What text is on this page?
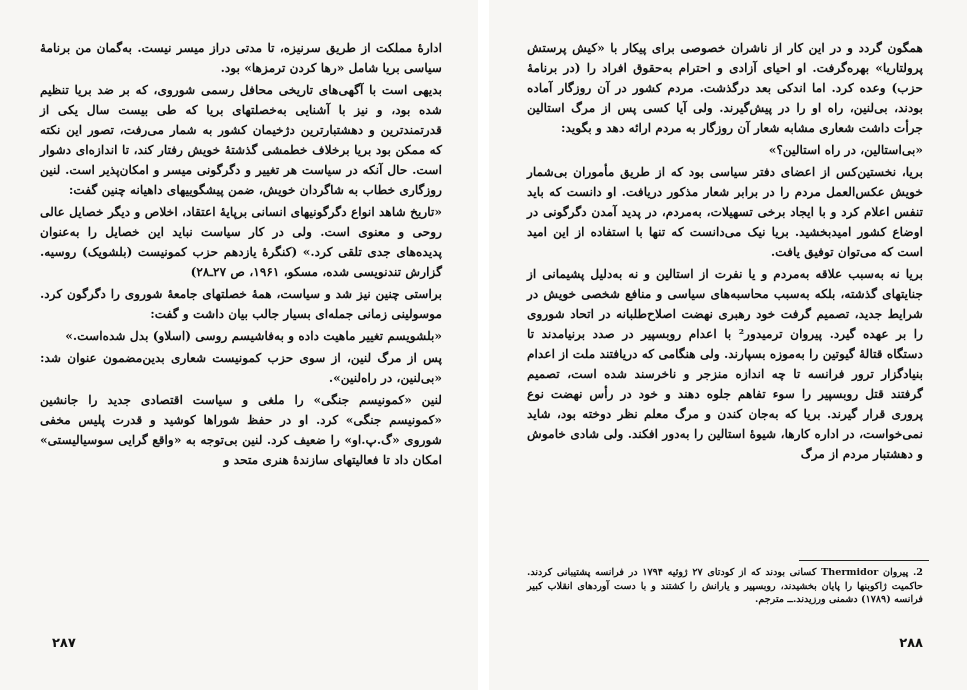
ادارهٔ مملکت از طریق سرنیزه، تا مدتی دراز میسر نیست. به‌گمان من برنامهٔ سیاسی بریا شامل «رها کردن ترمزها» بود.

بدیهی است با آگهی‌های تاریخی محافل رسمی شوروی، که بر ضد بریا تنظیم شده بود، و نیز با آشنایی به‌خصلتهای بریا که طی بیست سال یکی از قدرتمندترین و دهشتبارترین دژخیمان کشور به شمار می‌رفت، تصور این نکته که ممکن بود بریا برخلاف خطمشی گذشتهٔ خویش رفتار کند، تا اندازه‌ای دشوار است. حال آنکه در سیاست هر تغییر و دگرگونی میسر و امکان‌پذیر است. لنین روزگاری خطاب به شاگردان خویش، ضمن پیشگوییهای داهیانه چنین گفت:

«تاریخ شاهد انواع دگرگونیهای انسانی برپایهٔ اعتقاد، اخلاص و دیگر خصایل عالی روحی و معنوی است. ولی در کار سیاست نباید این خصایل را به‌عنوان پدیده‌های جدی تلقی کرد.» (کنگرهٔ یازدهم حزب کمونیست (بلشویک) روسیه. گزارش تندنویسی شده، مسکو، ۱۹۶۱، ص ۲۷ـ۲۸)

براستی چنین نیز شد و سیاست، همهٔ خصلتهای جامعهٔ شوروی را دگرگون کرد. موسولینی زمانی جمله‌ای بسیار جالب بیان داشت و گفت:

«بلشویسم تغییر ماهیت داده و به‌فاشیسم روسی (اسلاو) بدل شده‌است.»

پس از مرگ لنین، از سوی حزب کمونیست شعاری بدین‌مضمون عنوان شد: «بی‌لنین، در راه‌لنین».

لنین «کمونیسم جنگی» را ملغی و سیاست اقتصادی جدید را جانشین «کمونیسم جنگی» کرد. او در حفظ شوراها کوشید و قدرت پلیس مخفی شوروی «گ.پ.او» را ضعیف کرد. لنین بی‌توجه به «واقع گرایی سوسیالیستی» امکان داد تا فعالیتهای سازندهٔ هنری متحد و

۲۸۷

همگون گردد و در این کار از ناشران خصوصی برای پیکار با «کیش پرستش پرولتاریا» بهره‌گرفت. او احیای آزادی و احترام به‌حقوق افراد را (در برنامهٔ حزب) وعده کرد. اما اندکی بعد درگذشت. مردم کشور در آن روزگار آماده بودند، بی‌لنین، راه او را در پیش‌گیرند. ولی آیا کسی پس از مرگ استالین جرأت داشت شعاری مشابه شعار آن روزگار به مردم ارائه دهد و بگوید:

«بی‌استالین، در راه استالین؟»

بریا، نخستین‌کس از اعضای دفتر سیاسی بود که از طریق مأموران بی‌شمار خویش عکس‌العمل مردم را در برابر شعار مذکور دریافت. او دانست که باید تنفس اعلام کرد و با ایجاد برخی تسهیلات، به‌مردم، در پدید آمدن دگرگونی در اوضاع کشور امیدبخشید. بریا نیک می‌دانست که تنها با استفاده از این امید است که می‌توان توفیق یافت.

بریا نه به‌سبب علاقه به‌مردم و یا نفرت از استالین و نه به‌دلیل پشیمانی از جنایتهای گذشته، بلکه به‌سبب محاسبه‌های سیاسی و منافع شخصی خویش در شرایط جدید، تصمیم گرفت خود رهبری نهضت اصلاح‌طلبانه در اتحاد شوروی را بر عهده گیرد. پیروان ترمیدور² با اعدام روبسپیر در صدد برنیامدند تا دستگاه قتالهٔ گیوتین را به‌موزه بسپارند. ولی هنگامی که دریافتند ملت از اعدام بنیادگزار ترور فرانسه تا چه اندازه منزجر و ناخرسند شده است، تصمیم گرفتند قتل روبسپیر را سوء تفاهم جلوه دهند و خود در رأس نهضت نوع پروری قرار گیرند. بریا که به‌جان کندن و مرگ معلم نظر دوخته بود، شاید نمی‌خواست، در اداره کارها، شیوهٔ استالین را به‌دور افکند. ولی شادی خاموش و دهشتبار مردم از مرگ

2. پیروان Thermidor کسانی بودند که از کودتای ۲۷ ژوئیه ۱۷۹۴ در فرانسه پشتیبانی کردند. حاکمیت ژاکوبنها را پایان بخشیدند، روبسپیر و یارانش را کشتند و با دست آوردهای انقلاب کبیر فرانسه (۱۷۸۹) دشمنی ورزیدند.ــ مترجم.
۲۸۸
